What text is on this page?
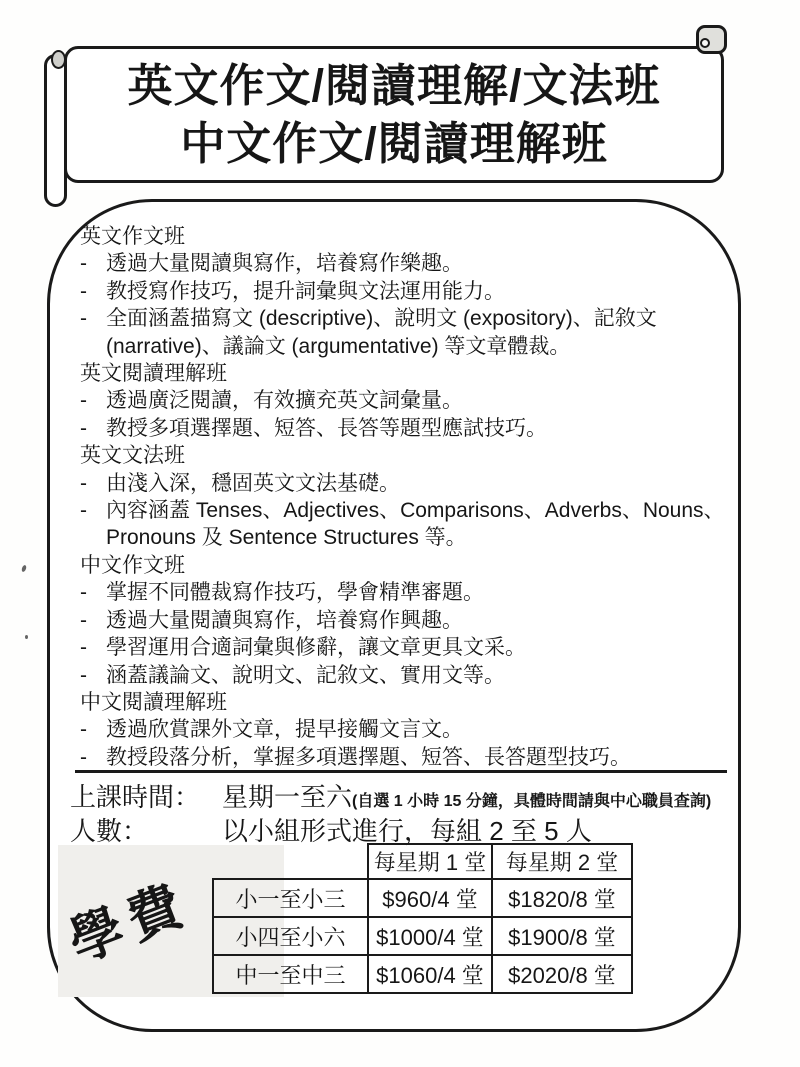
英文作文/閱讀理解/文法班
中文作文/閱讀理解班
英文作文班
- 透過大量閱讀與寫作，培養寫作樂趣。
- 教授寫作技巧，提升詞彙與文法運用能力。
- 全面涵蓋描寫文 (descriptive)、說明文 (expository)、記敘文 (narrative)、議論文 (argumentative) 等文章體裁。
英文閱讀理解班
- 透過廣泛閱讀，有效擴充英文詞彙量。
- 教授多項選擇題、短答、長答等題型應試技巧。
英文文法班
- 由淺入深，穩固英文文法基礎。
- 內容涵蓋 Tenses、Adjectives、Comparisons、Adverbs、Nouns、 Pronouns 及 Sentence Structures 等。
中文作文班
- 掌握不同體裁寫作技巧，學會精準審題。
- 透過大量閱讀與寫作，培養寫作興趣。
- 學習運用合適詞彙與修辭，讓文章更具文采。
- 涵蓋議論文、說明文、記敘文、實用文等。
中文閱讀理解班
- 透過欣賞課外文章，提早接觸文言文。
- 教授段落分析，掌握多項選擇題、短答、長答題型技巧。
上課時間： 星期一至六 (自選 1 小時 15 分鐘，具體時間請與中心職員查詢)
人數：	以小組形式進行，每組 2 至 5 人
學費
	每星期 1 堂	每星期 2 堂
小一至小三	$960/4 堂	$1820/8 堂
小四至小六	$1000/4 堂	$1900/8 堂
中一至中三	$1060/4 堂	$2020/8 堂
